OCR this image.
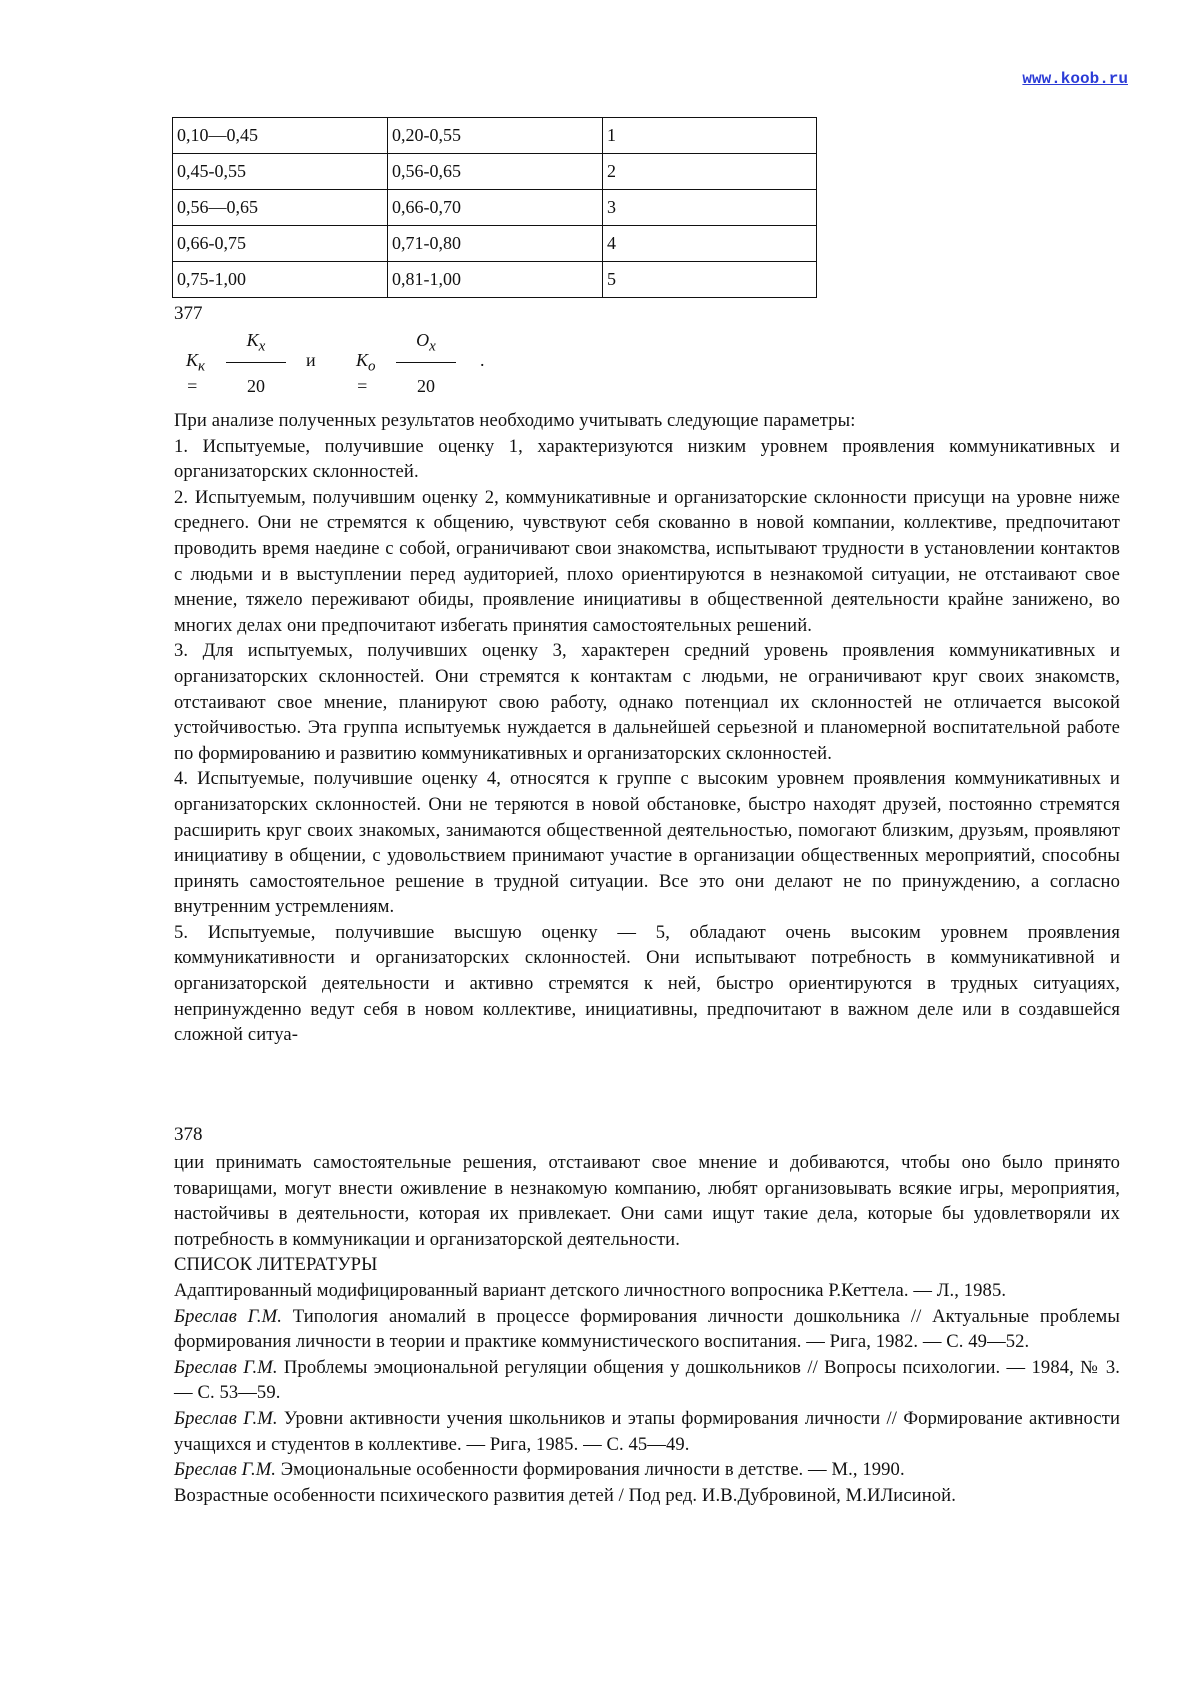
www.koob.ru
0,10—0,45	0,20-0,55	1
0,45-0,55	0,56-0,65	2
0,56—0,65	0,66-0,70	3
0,66-0,75	0,71-0,80	4
0,75-1,00	0,81-1,00	5
377
$K_к$ =
$K_x$
20
и $K_о$ =
$O_x$
20
.

При анализе полученных результатов необходимо учитывать следующие параметры:

1. Испытуемые, получившие оценку 1, характеризуются низким уровнем проявления коммуникативных и организаторских склонностей.

2. Испытуемым, получившим оценку 2, коммуникативные и организаторские склонности присущи на уровне ниже среднего. Они не стремятся к общению, чувствуют себя скованно в новой компании, коллективе, предпочитают проводить время наедине с собой, ограничивают свои знакомства, испытывают трудности в установлении контактов с людьми и в выступлении перед аудиторией, плохо ориентируются в незнакомой ситуации, не отстаивают свое мнение, тяжело переживают обиды, проявление инициативы в общественной деятельности крайне занижено, во многих делах они предпочитают избегать принятия самостоятельных решений.

3. Для испытуемых, получивших оценку 3, характерен средний уровень проявления коммуникативных и организаторских склонностей. Они стремятся к контактам с людьми, не ограничивают круг своих знакомств, отстаивают свое мнение, планируют свою работу, однако потенциал их склонностей не отличается высокой устойчивостью. Эта группа испытуемьк нуждается в дальнейшей серьезной и планомерной воспитательной работе по формированию и развитию коммуникативных и организаторских склонностей.

4. Испытуемые, получившие оценку 4, относятся к группе с высоким уровнем проявления коммуникативных и организаторских склонностей. Они не теряются в новой обстановке, быстро находят друзей, постоянно стремятся расширить круг своих знакомых, занимаются общественной деятельностью, помогают близким, друзьям, проявляют инициативу в общении, с удовольствием принимают участие в организации общественных мероприятий, способны принять самостоятельное решение в трудной ситуации. Все это они делают не по принуждению, а согласно внутренним устремлениям.

5. Испытуемые, получившие высшую оценку — 5, обладают очень высоким уровнем проявления коммуникативности и организаторских склонностей. Они испытывают потребность в коммуникативной и организаторской деятельности и активно стремятся к ней, быстро ориентируются в трудных ситуациях, непринужденно ведут себя в новом коллективе, инициативны, предпочитают в важном деле или в создавшейся сложной ситуа-

378

ции принимать самостоятельные решения, отстаивают свое мнение и добиваются, чтобы оно было принято товарищами, могут внести оживление в незнакомую компанию, любят организовывать всякие игры, мероприятия, настойчивы в деятельности, которая их привлекает. Они сами ищут такие дела, которые бы удовлетворяли их потребность в коммуникации и организаторской деятельности.

СПИСОК ЛИТЕРАТУРЫ

Адаптированный модифицированный вариант детского личностного вопросника Р.Кеттела. — Л., 1985.

Бреслав Г.М. Типология аномалий в процессе формирования личности дошкольника // Актуальные проблемы формирования личности в теории и практике коммунистического воспитания. — Рига, 1982. — С. 49—52.

Бреслав Г.М. Проблемы эмоциональной регуляции общения у дошкольников // Вопросы психологии. — 1984, № 3. — С. 53—59.

Бреслав Г.М. Уровни активности учения школьников и этапы формирования личности // Формирование активности учащихся и студентов в коллективе. — Рига, 1985. — С. 45—49.

Бреслав Г.М. Эмоциональные особенности формирования личности в детстве. — М., 1990.

Возрастные особенности психического развития детей / Под ред. И.В.Дубровиной, М.ИЛисиной.
